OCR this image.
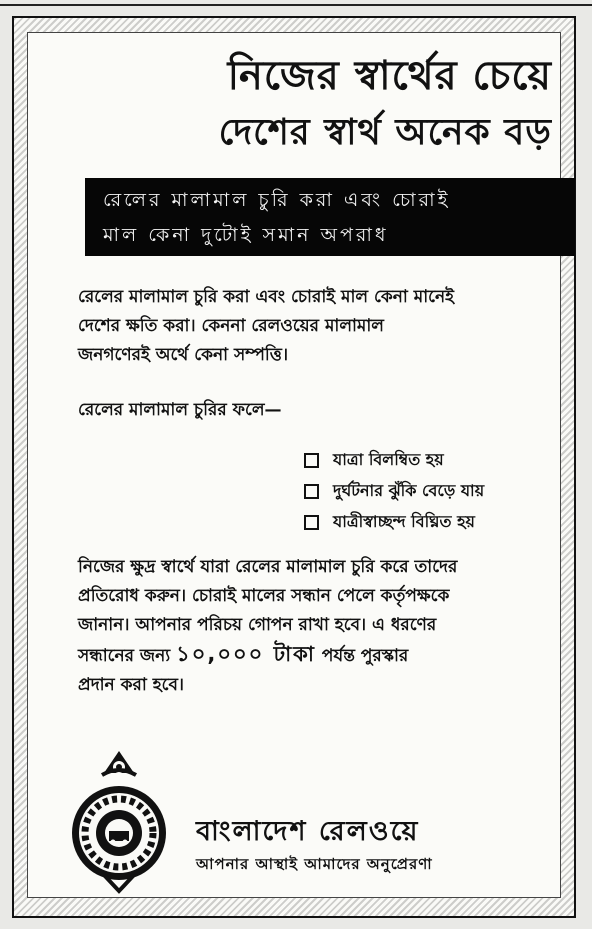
নিজের স্বার্থের চেয়ে
দেশের স্বার্থ অনেক বড়
রেলের মালামাল চুরি করা এবং চোরাই
মাল কেনা দুটোই সমান অপরাধ
রেলের মালামাল চুরি করা এবং চোরাই মাল কেনা মানেই
দেশের ক্ষতি করা। কেননা রেলওয়ের মালামাল
জনগণেরই অর্থে কেনা সম্পত্তি।
রেলের মালামাল চুরির ফলে—
যাত্রা বিলম্বিত হয়
দুর্ঘটনার ঝুঁকি বেড়ে যায়
যাত্রীস্বাচ্ছন্দ বিঘ্নিত হয়
নিজের ক্ষুদ্র স্বার্থে যারা রেলের মালামাল চুরি করে তাদের
প্রতিরোধ করুন। চোরাই মালের সন্ধান পেলে কর্তৃপক্ষকে
জানান। আপনার পরিচয় গোপন রাখা হবে। এ ধরণের
সন্ধানের জন্য ১০,০০০ টাকা পর্যন্ত পুরস্কার
প্রদান করা হবে।
বাংলাদেশ রেলওয়ে
আপনার আস্থাই আমাদের অনুপ্রেরণা
